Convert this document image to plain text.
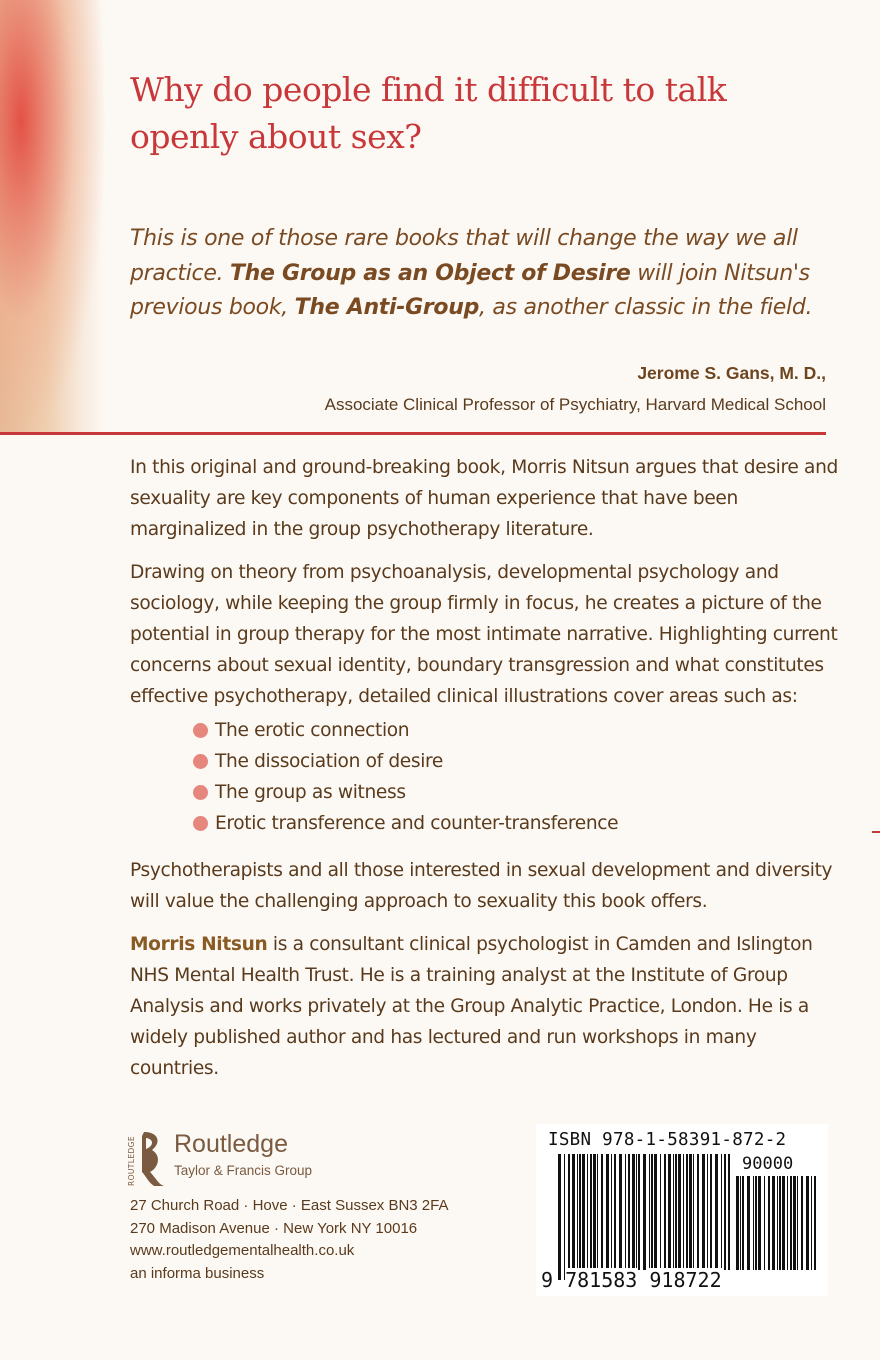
Why do people find it difficult to talk openly about sex?

This is one of those rare books that will change the way we all practice. The Group as an Object of Desire will join Nitsun's previous book, The Anti-Group, as another classic in the field.

Jerome S. Gans, M. D.,
Associate Clinical Professor of Psychiatry, Harvard Medical School

In this original and ground-breaking book, Morris Nitsun argues that desire and sexuality are key components of human experience that have been marginalized in the group psychotherapy literature.

Drawing on theory from psychoanalysis, developmental psychology and sociology, while keeping the group firmly in focus, he creates a picture of the potential in group therapy for the most intimate narrative. Highlighting current concerns about sexual identity, boundary transgression and what constitutes effective psychotherapy, detailed clinical illustrations cover areas such as:

The erotic connection
The dissociation of desire
The group as witness
Erotic transference and counter-transference

Psychotherapists and all those interested in sexual development and diversity will value the challenging approach to sexuality this book offers.

Morris Nitsun is a consultant clinical psychologist in Camden and Islington NHS Mental Health Trust. He is a training analyst at the Institute of Group Analysis and works privately at the Group Analytic Practice, London. He is a widely published author and has lectured and run workshops in many countries.

ROUTLEDGE Routledge
Taylor & Francis Group
27 Church Road · Hove · East Sussex BN3 2FA
270 Madison Avenue · New York NY 10016
www.routledgementalhealth.co.uk
an informa business
ISBN 978-1-58391-872-2
90000
9 781583 918722
